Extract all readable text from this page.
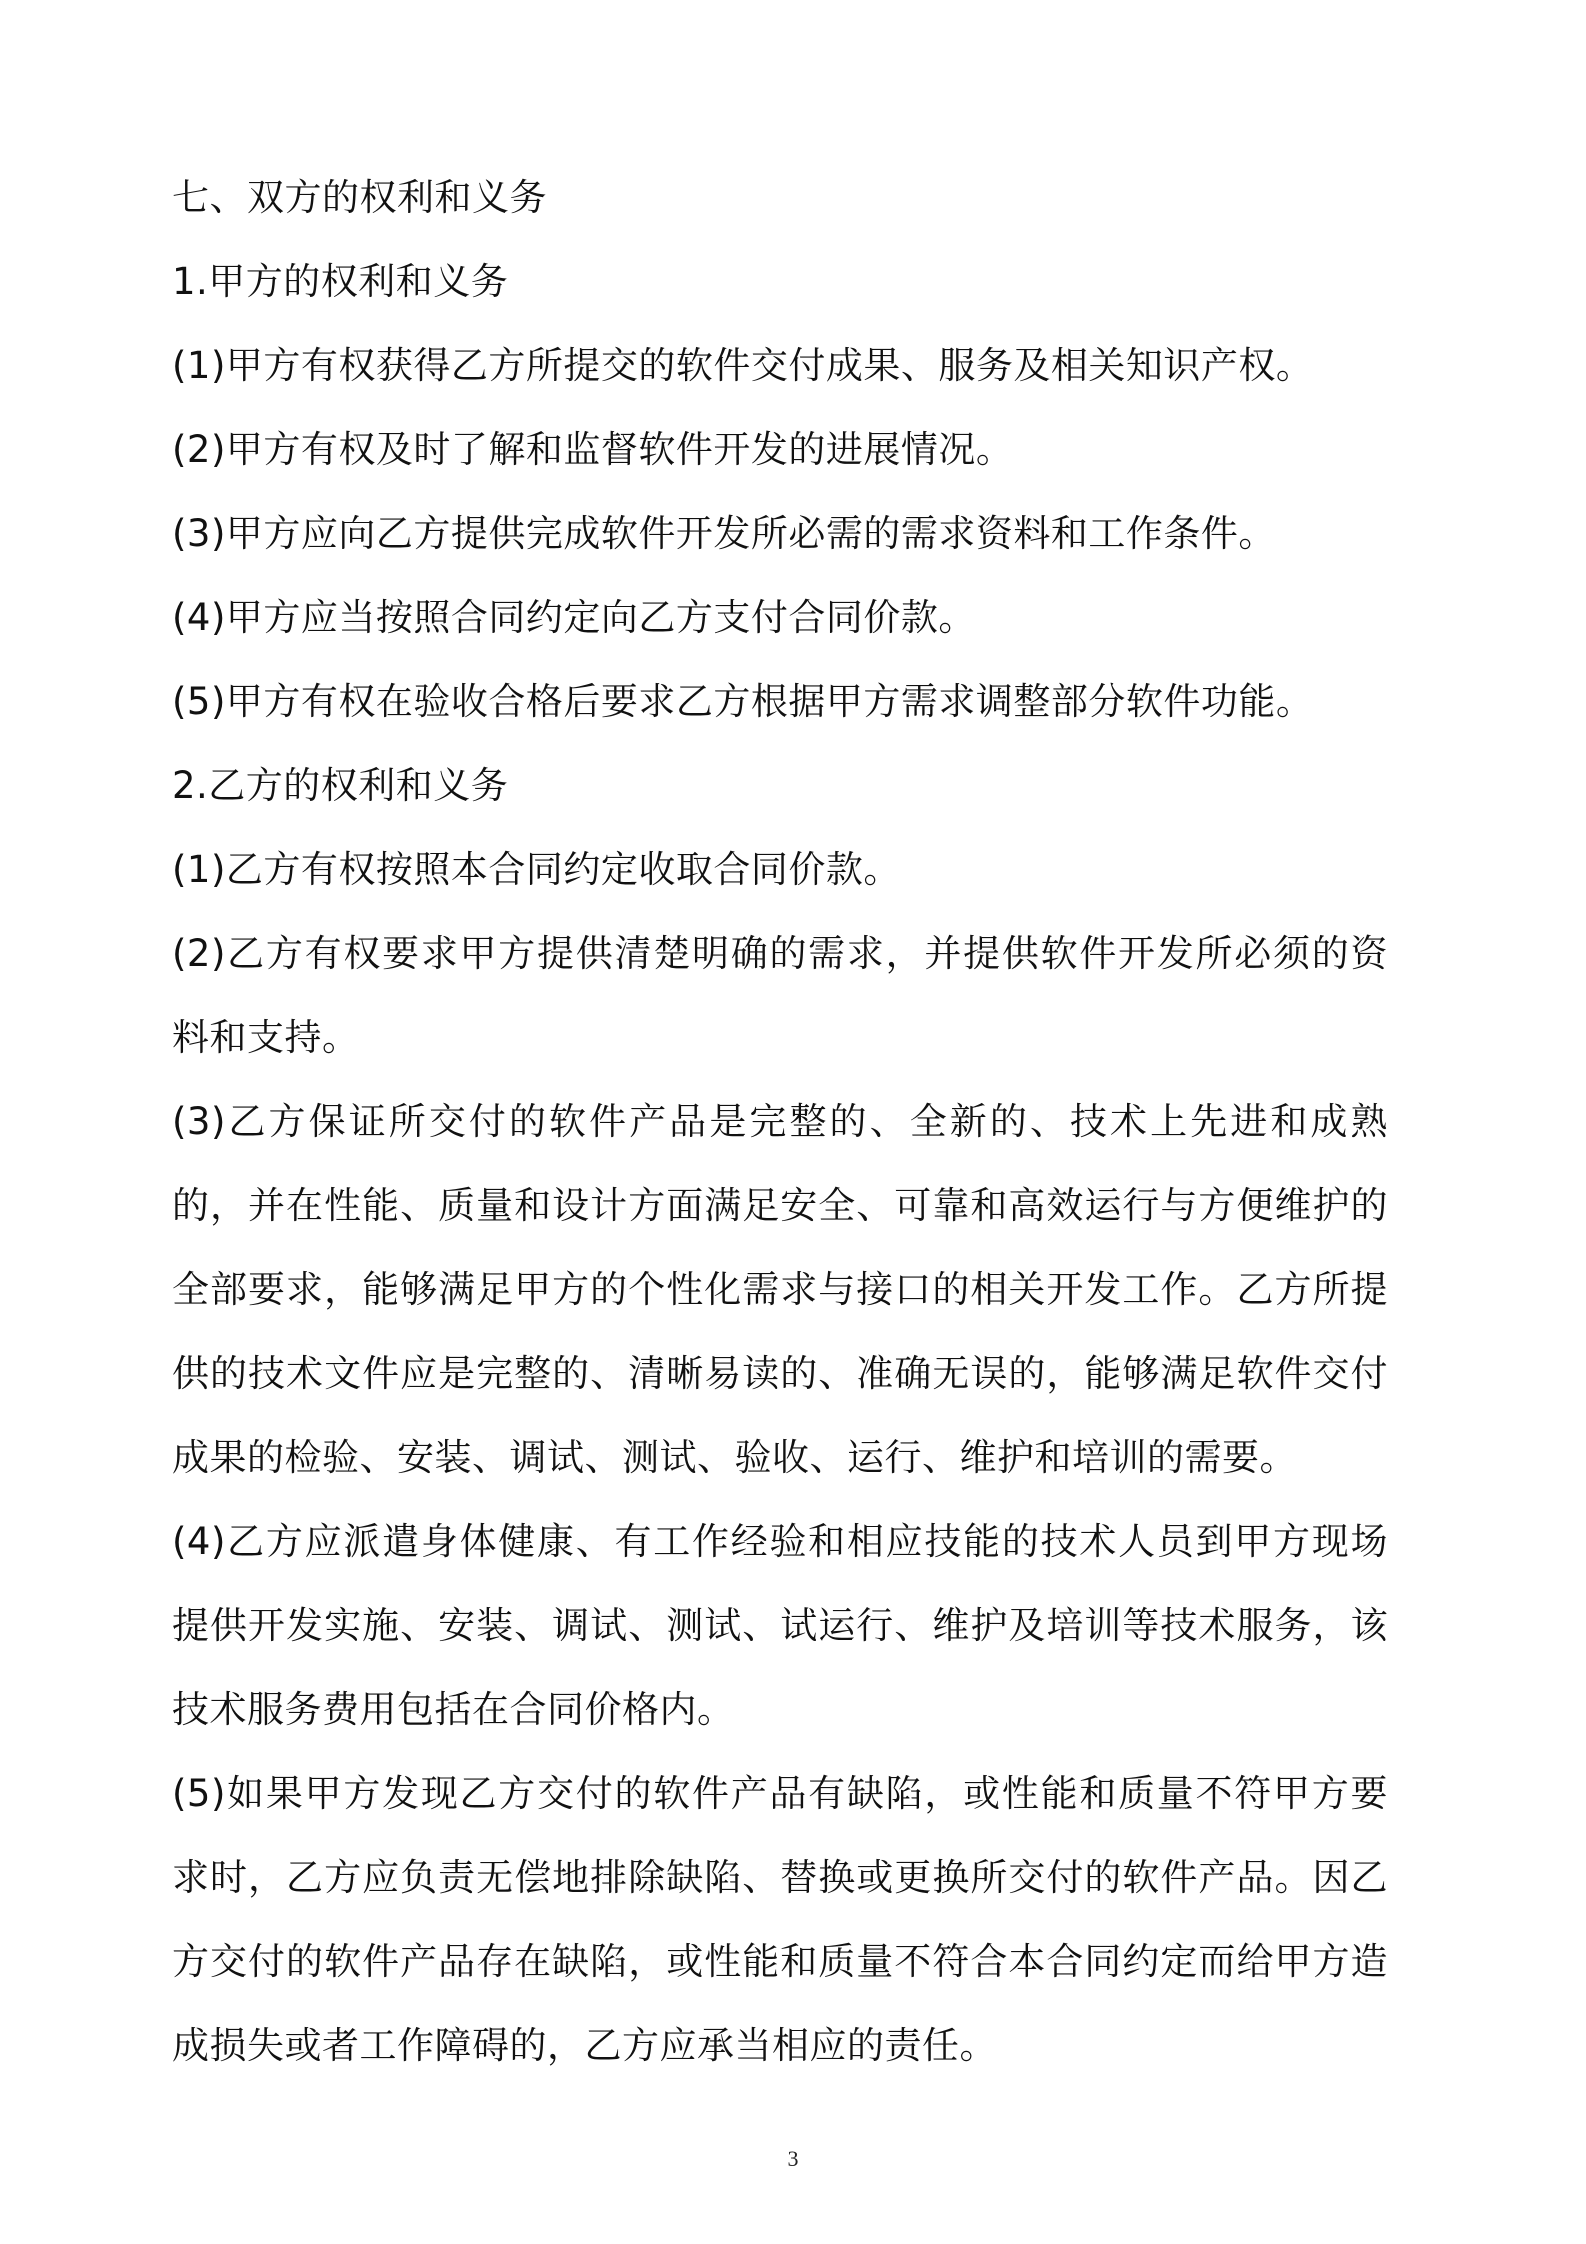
七、双方的权利和义务

1.甲方的权利和义务

(1)甲方有权获得乙方所提交的软件交付成果、服务及相关知识产权。

(2)甲方有权及时了解和监督软件开发的进展情况。

(3)甲方应向乙方提供完成软件开发所必需的需求资料和工作条件。

(4)甲方应当按照合同约定向乙方支付合同价款。

(5)甲方有权在验收合格后要求乙方根据甲方需求调整部分软件功能。

2.乙方的权利和义务

(1)乙方有权按照本合同约定收取合同价款。

(2)乙方有权要求甲方提供清楚明确的需求，并提供软件开发所必须的资料和支持。

(3)乙方保证所交付的软件产品是完整的、全新的、技术上先进和成熟的，并在性能、质量和设计方面满足安全、可靠和高效运行与方便维护的全部要求，能够满足甲方的个性化需求与接口的相关开发工作。乙方所提供的技术文件应是完整的、清晰易读的、准确无误的，能够满足软件交付成果的检验、安装、调试、测试、验收、运行、维护和培训的需要。

(4)乙方应派遣身体健康、有工作经验和相应技能的技术人员到甲方现场提供开发实施、安装、调试、测试、试运行、维护及培训等技术服务，该技术服务费用包括在合同价格内。

(5)如果甲方发现乙方交付的软件产品有缺陷，或性能和质量不符甲方要求时，乙方应负责无偿地排除缺陷、替换或更换所交付的软件产品。因乙方交付的软件产品存在缺陷，或性能和质量不符合本合同约定而给甲方造成损失或者工作障碍的，乙方应承当相应的责任。

3
